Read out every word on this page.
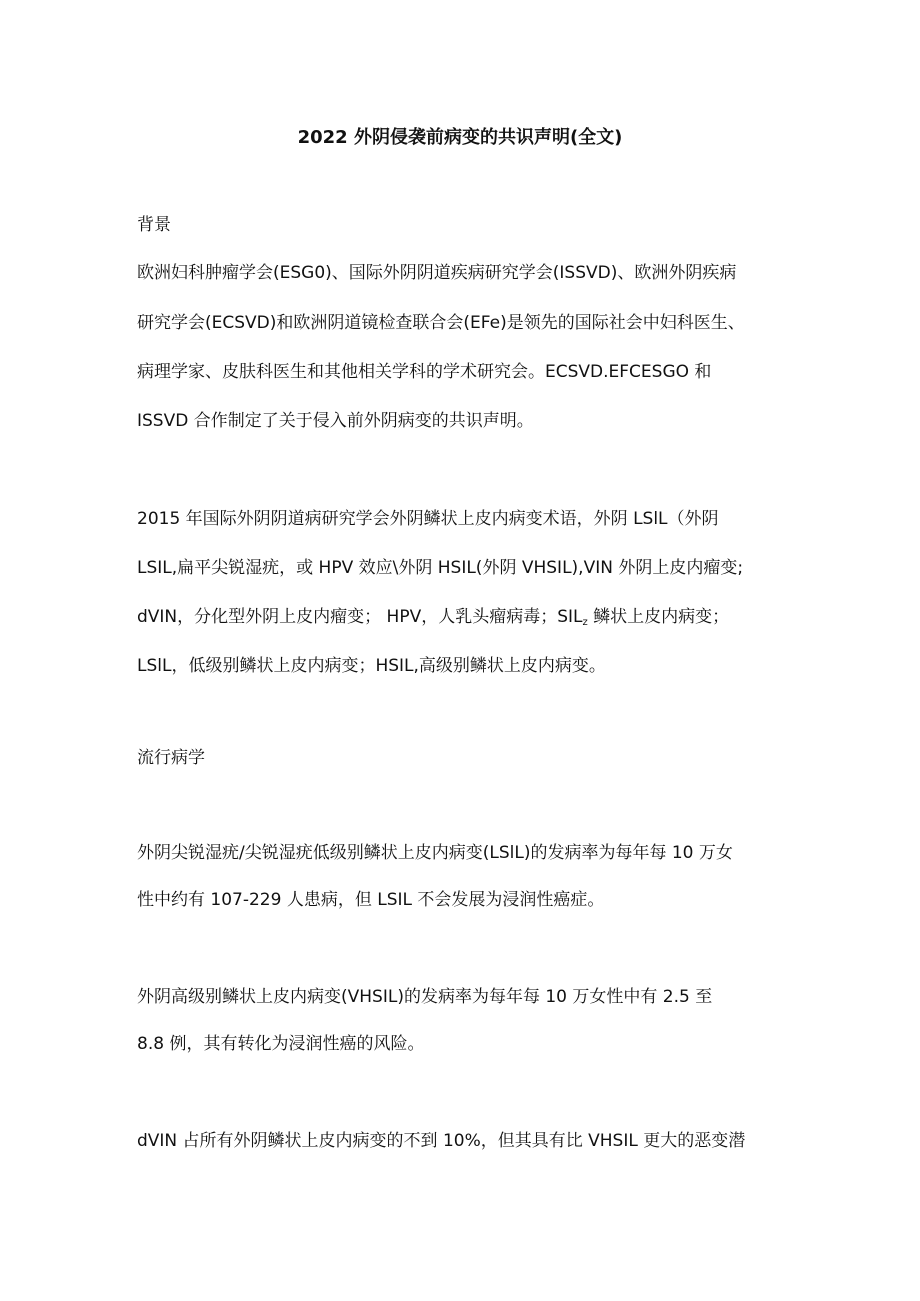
2022 外阴侵袭前病变的共识声明(全文)
背景
欧洲妇科肿瘤学会(ESG0)、国际外阴阴道疾病研究学会(ISSVD)、欧洲外阴疾病
研究学会(ECSVD)和欧洲阴道镜检查联合会(EFe)是领先的国际社会中妇科医生、
病理学家、皮肤科医生和其他相关学科的学术研究会。ECSVD.EFCESGO 和
ISSVD 合作制定了关于侵入前外阴病变的共识声明。
2015 年国际外阴阴道病研究学会外阴鳞状上皮内病变术语，外阴 LSlL（外阴
LSIL,扁平尖锐湿疣，或 HPV 效应\外阴 HSIL(外阴 VHSIL),VIN 外阴上皮内瘤变;
dVIN，分化型外阴上皮内瘤变； HPV，人乳头瘤病毒；$SIL_z$ 鳞状上皮内病变；
LSlL，低级别鳞状上皮内病变；HSIL,高级别鳞状上皮内病变。
流行病学
外阴尖锐湿疣/尖锐湿疣低级别鳞状上皮内病变(LSlL)的发病率为每年每 10 万女
性中约有 107-229 人患病，但 LSIL 不会发展为浸润性癌症。
外阴高级别鳞状上皮内病变(VHSIL)的发病率为每年每 10 万女性中有 2.5 至
8.8 例，其有转化为浸润性癌的风险。
dVIN 占所有外阴鳞状上皮内病变的不到 10%，但其具有比 VHSIL 更大的恶变潜
